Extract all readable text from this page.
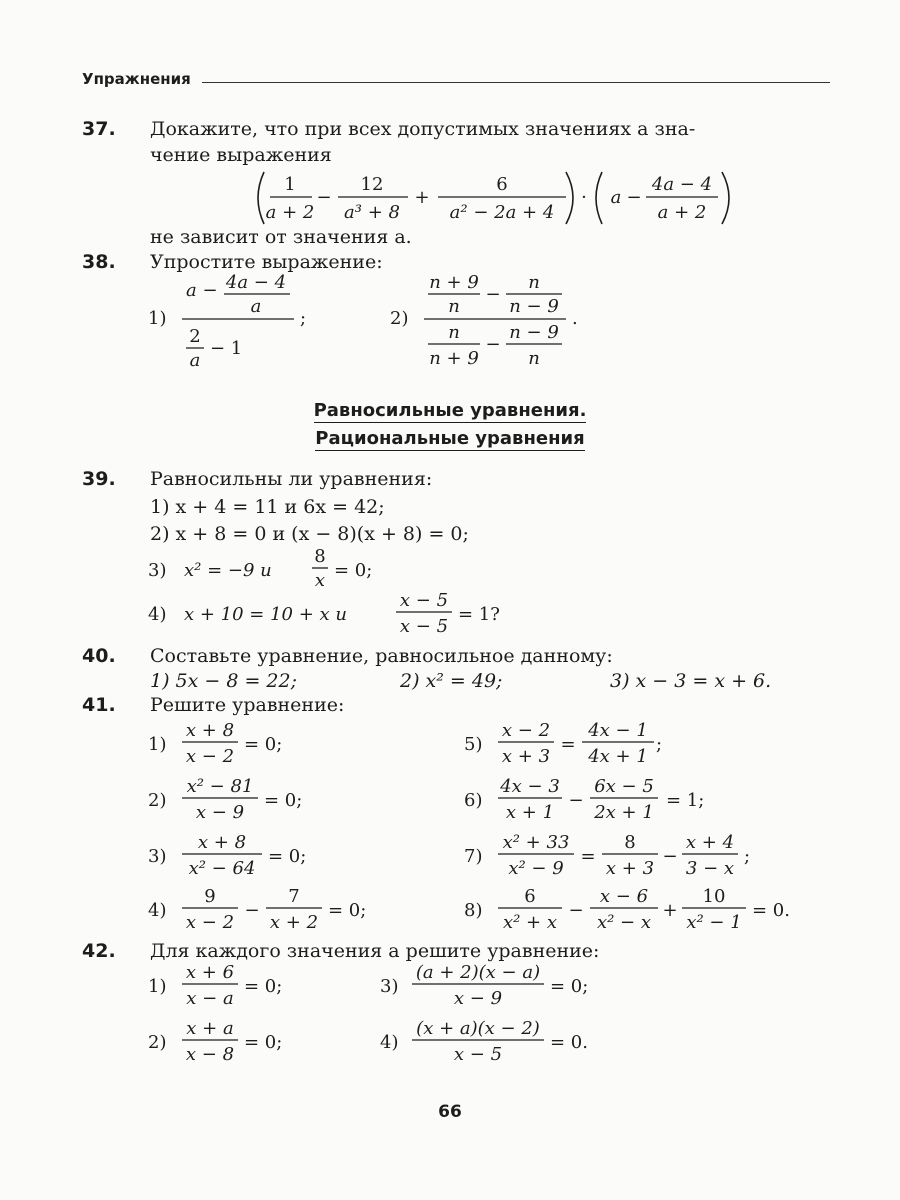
Упражнения
37. Докажите, что при всех допустимых значениях a зна-
чение выражения
1
a + 2
−
12
a³ + 8
+
6
a² − 2a + 4
· a −
4a − 4
a + 2
не зависит от значения a.
38. Упростите выражение:
1)
a − 4a − 4
a
2
a
− 1
;	2)
n + 9
n
−
n
n − 9
n
n + 9
−
n − 9
n
.
Равносильные уравнения.
Рациональные уравнения
39. Равносильны ли уравнения:
1) x + 4 = 11 и 6x = 42;
2) x + 8 = 0 и (x − 8)(x + 8) = 0;
3) x² = −9 и
8
x = 0;
4) x + 10 = 10 + x и
x − 5
x − 5
= 1?
40. Составьте уравнение, равносильное данному:
1) 5x − 8 = 22;	2) x² = 49;	3) x − 3 = x + 6.
41. Решите уравнение:
1)
x + 8
x − 2
= 0;	5)
x − 2
x + 3
=
4x − 1
4x + 1
;
2)
x² − 81
x − 9
= 0;	6)
4x − 3
x + 1
−
6x − 5
2x + 1
= 1;
3)
x + 8
x² − 64
= 0;	7)
x² + 33
x² − 9
=
8
x + 3
−
x + 4
3 − x
;
4)
9
x − 2
−
7
x + 2
= 0;	8)
6
x² + x
−
x − 6
x² − x
+
10
x² − 1
= 0.
42. Для каждого значения a решите уравнение:
1)
x + 6
x − a
= 0;	3)
(a + 2)(x − a)
x − 9
= 0;
2)
x + a
x − 8
= 0;	4)
(x + a)(x − 2)
x − 5
= 0.
66
